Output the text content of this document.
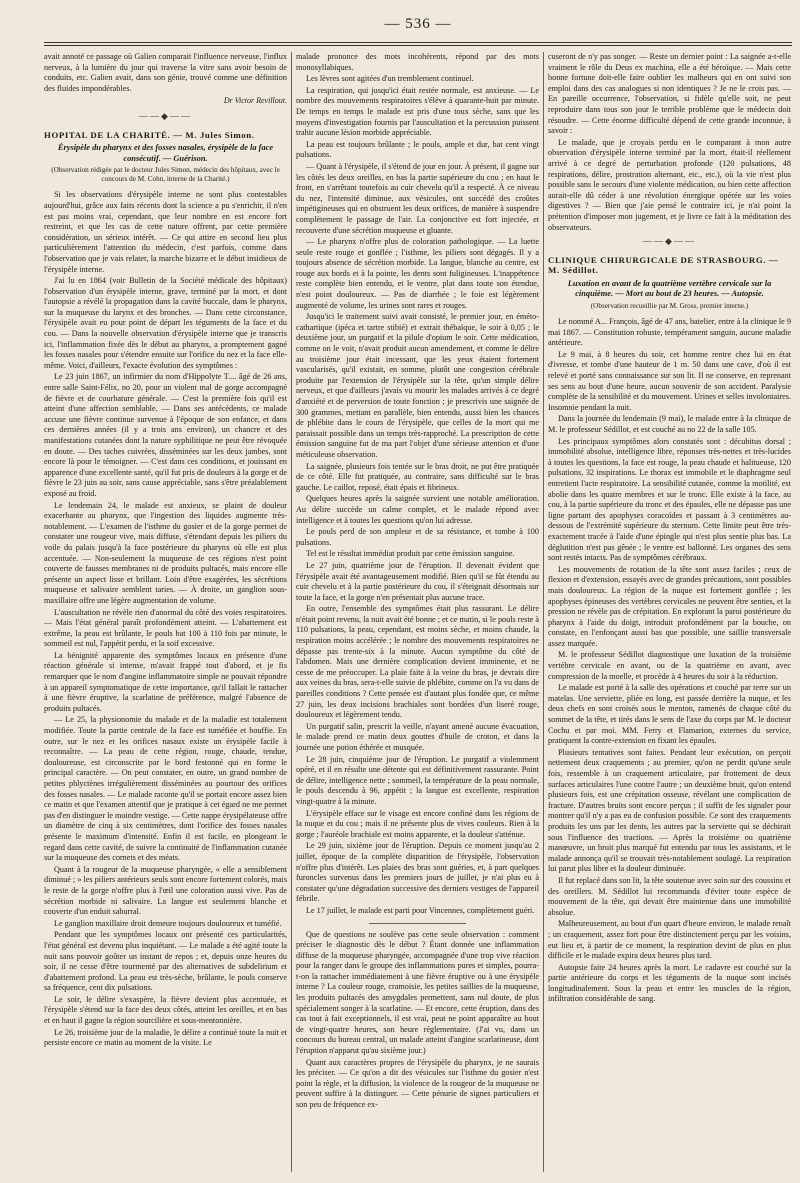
— 536 —

avait annoté ce passage où Galien comparait l'influence nerveuse, l'influx nerveux, à la lumière du jour qui traverse la vitre sans avoir besoin de conduits, etc. Galien avait, dans son génie, trouvé comme une définition des fluides impondérables.

Dr Victor Revillout.
——◆——
HOPITAL DE LA CHARITÉ. — M. Jules Simon.
Érysipèle du pharynx et des fosses nasales, érysipèle de la face consécutif. — Guérison.
(Observation rédigée par le docteur Jules Simon, médecin des hôpitaux, avec le concours de M. Cohn, interne de la Charité.)

Si les observations d'érysipèle interne ne sont plus contestables aujourd'hui, grâce aux faits récents dont la science a pu s'enrichir, il n'en est pas moins vrai, cependant, que leur nombre en est encore fort restreint, et que les cas de cette nature offrent, par cette première considération, un sérieux intérêt. — Ce qui attire en second lieu plus particulièrement l'attention du médecin, c'est parfois, comme dans l'observation que je vais relater, la marche bizarre et le début insidieux de l'érysipèle interne.

J'ai lu en 1864 (voir Bulletin de la Société médicale des hôpitaux) l'observation d'un érysipèle interne, grave, terminé par la mort, et dont l'autopsie a révélé la propagation dans la cavité buccale, dans le pharynx, sur la muqueuse du larynx et des bronches. — Dans cette circonstance, l'érysipèle avait eu pour point de départ les téguments de la face et du cou. — Dans la nouvelle observation d'érysipèle interne que je transcris ici, l'inflammation fixée dès le début au pharynx, a promptement gagné les fosses nasales pour s'étendre ensuite sur l'orifice du nez et la face elle-même. Voici, d'ailleurs, l'exacte évolution des symptômes :

Le 23 juin 1867, un infirmier du nom d'Hippolyte T.... âgé de 26 ans, entre salle Saint-Félix, no 20, pour un violent mal de gorge accompagné de fièvre et de courbature générale. — C'est la première fois qu'il est atteint d'une affection semblable. — Dans ses antécédents, ce malade accuse une fièvre continue survenue à l'époque de son enfance, et dans ces dernières années (il y a trois ans environ), un chancre et des manifestations cutanées dont la nature syphilitique ne peut être révoquée en doute. — Des taches cuivrées, disséminées sur les deux jambes, sont encore là pour le témoigner. — C'est dans ces conditions, et jouissant en apparence d'une excellente santé, qu'il fut pris de douleurs à la gorge et de fièvre le 23 juin au soir, sans cause appréciable, sans s'être préalablement exposé au froid.

Le lendemain 24, le malade est anxieux, se plaint de douleur exacerbante au pharynx, que l'ingestion des liquides augmente très-notablement. — L'examen de l'isthme du gosier et de la gorge permet de constater une rougeur vive, mais diffuse, s'étendant depuis les piliers du voile du palais jusqu'à la face postérieure du pharynx où elle est plus accentuée. — Non-seulement la muqueuse de ces régions n'est point couverte de fausses membranes ni de produits pultacés, mais encore elle présente un aspect lisse et brillant. Loin d'être exagérées, les sécrétions muqueuse et salivaire semblent taries. — À droite, un ganglion sous-maxillaire offre une légère augmentation de volume.

L'auscultation ne révèle rien d'anormal du côté des voies respiratoires. — Mais l'état général paraît profondément atteint. — L'abattement est extrême, la peau est brûlante, le pouls bat 100 à 110 fois par minute, le sommeil est nul, l'appétit perdu, et la soif excessive.

La bénignité apparente des symptômes locaux en présence d'une réaction générale si intense, m'avait frappé tout d'abord, et je fis remarquer que le nom d'angine inflammatoire simple ne pouvait répondre à un appareil symptomatique de cette importance, qu'il fallait le rattacher à une fièvre éruptive, la scarlatine de préférence, malgré l'absence de produits pultacés.

— Le 25, la physionomie du malade et de la maladie est totalement modifiée. Toute la partie centrale de la face est tuméfiée et bouffie. En outre, sur le nez et les orifices nasaux existe un érysipèle facile à reconnaître. — La peau de cette région, rouge, chaude, tendue, douloureuse, est circonscrite par le bord festonné qui en forme le principal caractère. — On peut constater, en outre, un grand nombre de petites phlyctènes irrégulièrement disséminées au pourtour des orifices des fosses nasales. — Le malade raconte qu'il se portait encore assez bien ce matin et que l'examen attentif que je pratique à cet égard ne me permet pas d'en distinguer le moindre vestige. — Cette nappe érysipélateuse offre un diamètre de cinq à six centimètres, dont l'orifice des fosses nasales présente le maximum d'intensité. Enfin il est facile, en plongeant le regard dans cette cavité, de suivre la continuité de l'inflammation cutanée sur la muqueuse des cornets et des méats.

Quant à la rougeur de la muqueuse pharyngée, « elle a sensiblement diminué ; » les piliers antérieurs seuls sont encore fortement colorés, mais le reste de la gorge n'offre plus à l'œil une coloration aussi vive. Pas de sécrétion morbide ni salivaire. La langue est seulement blanche et couverte d'un enduit saburral.

Le ganglion maxillaire droit demeure toujours douloureux et tuméfié.

Pendant que les symptômes locaux ont présenté ces particularités, l'état général est devenu plus inquiétant. — Le malade a été agité toute la nuit sans pouvoir goûter un instant de repos ; et, depuis onze heures du soir, il ne cesse d'être tourmenté par des alternatives de subdelirium et d'abattement profond. La peau est très-sèche, brûlante, le pouls conserve sa fréquence, cent dix pulsations.

Le soir, le délire s'exaspère, la fièvre devient plus accentuée, et l'érysipèle s'étend sur la face des deux côtés, atteint les oreilles, et en bas et en haut il gagne la région sourcilière et sous-mentonnière.

Le 26, troisième jour de la maladie, le délire a continué toute la nuit et persiste encore ce matin au moment de la visite. Le

malade prononce des mots incohérents, répond par des mots monosyllabiques.

Les lèvres sont agitées d'un tremblement continuel.

La respiration, qui jusqu'ici était restée normale, est anxieuse. — Le nombre des mouvements respiratoires s'élève à quarante-huit par minute. De temps en temps le malade est pris d'une toux sèche, sans que les moyens d'investigation fournis par l'auscultation et la percussion puissent trahir aucune lésion morbide appréciable.

La peau est toujours brûlante ; le pouls, ample et dur, bat cent vingt pulsations.

— Quant à l'érysipèle, il s'étend de jour en jour. À présent, il gagne sur les côtés les deux oreilles, en bas la partie supérieure du cou ; en haut le front, en s'arrêtant toutefois au cuir chevelu qu'il a respecté. À ce niveau du nez, l'intensité diminue, aux vésicules, ont succédé des croûtes impétigineuses qui en obstruent les deux orifices, de manière à suspendre complètement le passage de l'air. La conjonctive est fort injectée, et recouverte d'une sécrétion muqueuse et gluante.

— Le pharynx n'offre plus de coloration pathologique. — La luette seule reste rouge et gonflée ; l'isthme, les piliers sont dégagés. Il y a toujours absence de sécrétion morbide. La langue, blanche au centre, est rouge aux bords et à la pointe, les dents sont fuligineuses. L'inappétence reste complète bien entendu, et le ventre, plat dans toute son étendue, n'est point douloureux. — Pas de diarrhée ; le foie est légèrement augmenté de volume, les urines sont rares et rouges.

Jusqu'ici le traitement suivi avait consisté, le premier jour, en éméto-cathartique (ipéca et tartre stibié) et extrait thébaïque, le soir à 0,05 ; le deuxième jour, un purgatif et la pilule d'opium le soir. Cette médication, comme on le voit, n'avait produit aucun amendement, et comme le délire au troisième jour était incessant, que les yeux étaient fortement vascularisés, qu'il existait, en somme, plutôt une congestion cérébrale produite par l'extension de l'érysipèle sur la tête, qu'un simple délire nerveux, et que d'ailleurs j'avais vu mourir les malades arrivés à ce degré d'anxiété et de perversion de toute fonction ; je prescrivis une saignée de 300 grammes, mettant en parallèle, bien entendu, aussi bien les chances de phlébite dans le cours de l'érysipèle, que celles de la mort qui me paraissait possible dans un temps très-rapproché. La prescription de cette émission sanguine fut de ma part l'objet d'une sérieuse attention et d'une méticuleuse observation.

La saignée, plusieurs fois tentée sur le bras droit, ne put être pratiquée de ce côté. Elle fut pratiquée, au contraire, sans difficulté sur le bras gauche. Le caillot, reposé, était épais et fibrineux.

Quelques heures après la saignée survient une notable amélioration. Au délire succède un calme complet, et le malade répond avec intelligence et à toutes les questions qu'on lui adresse.

Le pouls perd de son ampleur et de sa résistance, et tombe à 100 pulsations.

Tel est le résultat immédiat produit par cette émission sanguine.

Le 27 juin, quatrième jour de l'éruption. Il devenait évident que l'érysipèle avait été avantageusement modifié. Bien qu'il se fût étendu au cuir chevelu et à la partie postérieure du cou, il s'éteignait désormais sur toute la face, et la gorge n'en présentait plus aucune trace.

En outre, l'ensemble des symptômes était plus rassurant. Le délire n'était point revenu, la nuit avait été bonne ; et ce matin, si le pouls reste à 110 pulsations, la peau, cependant, est moins sèche, et moins chaude, la respiration moins accélérée ; le nombre des mouvements respiratoires ne dépasse pas trente-six à la minute. Aucun symptôme du côté de l'abdomen. Mais une dernière complication devient imminente, et ne cesse de me préoccuper. La plaie faite à la veine du bras, je devrais dire aux veines du bras, sera-t-elle suivie de phlébite, comme on l'a vu dans de pareilles conditions ? Cette pensée est d'autant plus fondée que, ce même 27 juin, les deux incisions brachiales sont bordées d'un liseré rouge, douloureux et légèrement tendu.

Un purgatif salin, prescrit la veille, n'ayant amené aucune évacuation, le malade prend ce matin deux gouttes d'huile de croton, et dans la journée une potion éthérée et musquée.

Le 28 juin, cinquième jour de l'éruption. Le purgatif a violemment opéré, et il en résulte une détente qui est définitivement rassurante. Point de délire, intelligence nette ; sommeil, la température de la peau normale, le pouls descendu à 96, appétit ; la langue est excellente, respiration vingt-quatre à la minute.

L'érysipèle efface sur le visage est encore confiné dans les régions de la nuque et du cou ; mais il ne présente plus de vives couleurs. Rien à la gorge ; l'auréole brachiale est moins apparente, et la douleur s'atténue.

Le 29 juin, sixième jour de l'éruption. Depuis ce moment jusqu'au 2 juillet, époque de la complète disparition de l'érysipèle, l'observation n'offre plus d'intérêt. Les plaies des bras sont guéries, et, à part quelques furoncles survenus dans les premiers jours de juillet, je n'ai plus eu à constater qu'une dégradation successive des derniers vestiges de l'appareil fébrile.

Le 17 juillet, le malade est parti pour Vincennes, complètement guéri.

Que de questions ne soulève pas cette seule observation : comment préciser le diagnostic dès le début ? Étant donnée une inflammation diffuse de la muqueuse pharyngée, accompagnée d'une trop vive réaction pour la ranger dans le groupe des inflammations pures et simples, pourra-t-on la rattacher immédiatement à une fièvre éruptive ou à une érysipèle interne ? La couleur rouge, cramoisie, les petites saillies de la muqueuse, les produits pultacés des amygdales permettent, sans nul doute, de plus spécialement songer à la scarlatine. — Et encore, cette éruption, dans des cas tout à fait exceptionnels, il est vrai, peut ne point apparaître au bout de vingt-quatre heures, son heure réglementaire. (J'ai vu, dans un concours du bureau central, un malade atteint d'angine scarlatineuse, dont l'éruption n'apparut qu'au sixième jour.)

Quant aux caractères propres de l'érysipèle du pharynx, je ne saurais les préciser. — Ce qu'on a dit des vésicules sur l'isthme du gosier n'est point la règle, et la diffusion, la violence de la rougeur de la muqueuse ne peuvent suffire à la distinguer. — Cette pénurie de signes particuliers et son peu de fréquence ex-

cuseront de n'y pas songer. — Reste un dernier point : La saignée a-t-elle vraiment le rôle du Deus ex machina, elle a été héroïque. — Mais cette bonne fortune doit-elle faire oublier les malheurs qui en ont suivi son emploi dans des cas analogues si non identiques ? Je ne le crois pas. — En pareille occurrence, l'observation, si fidèle qu'elle soit, ne peut reproduire dans tous son jour le terrible problème que le médecin doit résoudre. — Cette énorme difficulté dépend de cette grande inconnue, à savoir :

Le malade, que je croyais perdu en le comparant à mon autre observation d'érysipèle interne terminé par la mort, était-il réellement arrivé à ce degré de perturbation profonde (120 pulsations, 48 respirations, délire, prostration alternant, etc., etc.), où la vie n'est plus possible sans le secours d'une violente médication, ou bien cette affection aurait-elle dû céder à une révolution énergique opérée sur les voies digestives ? — Bien que j'aie pensé le contraire ici, je n'ai point la prétention d'imposer mon jugement, et je livre ce fait à la méditation des observateurs.

——◆——
CLINIQUE CHIRURGICALE DE STRASBOURG. — M. Sédillot.
Luxation en avant de la quatrième vertèbre cervicale sur la cinquième. — Mort au bout de 23 heures. — Autopsie.
(Observation recueillie par M. Gross, premier interne.)

Le nommé A... François, âgé de 47 ans, batelier, entre à la clinique le 9 mai 1867. — Constitution robuste, tempérament sanguin, aucune maladie antérieure.

Le 9 mai, à 8 heures du soir, cet homme rentre chez lui en état d'ivresse, et tombe d'une hauteur de 1 m. 50 dans une cave, d'où il est relevé et porté sans connaissance sur son lit. Il ne conserve, en reprenant ses sens au bout d'une heure, aucun souvenir de son accident. Paralysie complète de la sensibilité et du mouvement. Urines et selles involontaires. Insomnie pendant la nuit.

Dans la journée du lendemain (9 mai), le malade entre à la clinique de M. le professeur Sédillot, et est couché au no 22 de la salle 105.

Les principaux symptômes alors constatés sont : décubitus dorsal ; immobilité absolue, intelligence libre, réponses très-nettes et très-lucides à toutes les questions, la face est rouge, la peau chaude et halitueuse, 120 pulsations, 32 inspirations. Le thorax est immobile et le diaphragme seul entretient l'acte respiratoire. La sensibilité cutanée, comme la motilité, est abolie dans les quatre membres et sur le tronc. Elle existe à la face, au cou, à la partie supérieure du tronc et des épaules, elle ne dépasse pas une ligne partant des apophyses coracoïdes et passant à 3 centimètres au-dessous de l'extrémité supérieure du sternum. Cette limite peut être très-exactement tracée à l'aide d'une épingle qui n'est plus sentie plus bas. La déglutition n'est pas gênée ; le ventre est ballonné. Les organes des sens sont restés intacts. Pas de symptômes cérébraux.

Les mouvements de rotation de la tête sont assez faciles ; ceux de flexion et d'extension, essayés avec de grandes précautions, sont possibles mais douloureux. La région de la nuque est fortement gonflée ; les apophyses épineuses des vertèbres cervicales ne peuvent être senties, et la pression ne révèle pas de crépitation. En explorant la paroi postérieure du pharynx à l'aide du doigt, introduit profondément par la bouche, on constate, en l'enfonçant aussi bas que possible, une saillie transversale assez marquée.

M. le professeur Sédillot diagnostique une luxation de la troisième vertèbre cervicale en avant, ou de la quatrième en avant, avec compression de la moelle, et procède à 4 heures du soir à la réduction.

Le malade est porté à la salle des opérations et couché par terre sur un matelas. Une serviette, pliée en long, est passée derrière la nuque, et les deux chefs en sont croisés sous le menton, ramenés de chaque côté du sommet de la tête, et tirés dans le sens de l'axe du corps par M. le docteur Cochu et par moi. MM. Ferry et Flamarion, externes du service, pratiquent la contre-extension en fixant les épaules.

Plusieurs tentatives sont faites. Pendant leur exécution, on perçoit nettement deux craquements ; au premier, qu'on ne perdit qu'une seule fois, ressemble à un craquement articulaire, par frottement de deux surfaces articulaires l'une contre l'autre ; un deuxième bruit, qu'on entend plusieurs fois, est une crépitation osseuse, révélant une complication de fracture. D'autres bruits sont encore perçus ; il suffit de les signaler pour montrer qu'il n'y a pas eu de confusion possible. Ce sont des craquements produits les uns par les dents, les autres par la serviette qui se déchirait sous l'influence des tractions. — Après la troisième ou quatrième manœuvre, un bruit plus marqué fut entendu par tous les assistants, et le malade annonça qu'il se trouvait très-notablement soulagé. La respiration lui parut plus libre et la douleur diminuée.

Il fut replacé dans son lit, la tête soutenue avec soin sur des coussins et des oreillers. M. Sédillot lui recommanda d'éviter toute espèce de mouvement de la tête, qui devait être maintenue dans une immobilité absolue.

Malheureusement, au bout d'un quart d'heure environ, le malade renaît ; un craquement, assez fort pour être distinctement perçu par les voisins, eut lieu et, à partir de ce moment, la respiration devint de plus en plus difficile et le malade expira deux heures plus tard.

Autopsie faite 24 heures après la mort. Le cadavre est couché sur la partie antérieure du corps et les téguments de la nuque sont incisés longitudinalement. Sous la peau et entre les muscles de la région, infiltration considérable de sang.
